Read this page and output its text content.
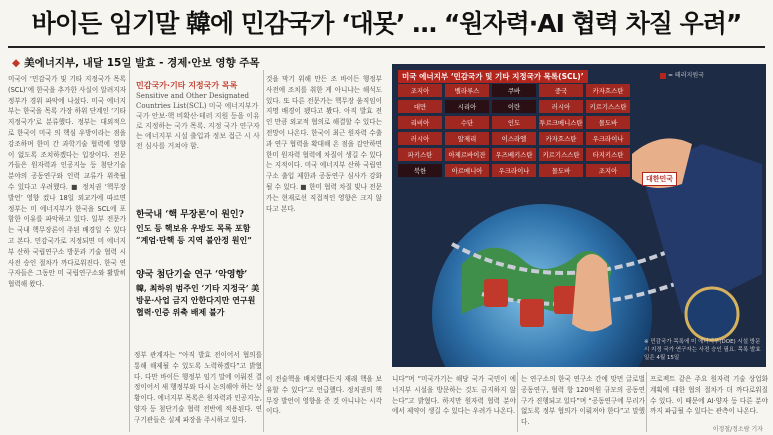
바이든 임기말 韓에 민감국가 ‘대못’ … “원자력·AI 협력 차질 우려”
◆ 美에너지부, 내달 15일 발효 - 경제·안보 영향 주목
미국이 ‘민감국가 및 기타 지정국가 목록(SCL)’에 한국을 추가한 사실이 알려지자 정부가 경위 파악에 나섰다. 미국 에너지부는 한국을 목록 가장 하위 단계인 ‘기타 지정국가’로 분류했다. 정부는 대외적으로 한국이 미국 의 핵심 우방이라는 점을 강조하며 한미 간 과학기술 협력에 영향이 없도록 조치하겠다는 입장이다. 전문가들은 원자력과 인공지능 등 첨단기술 분야의 공동연구와 인력 교류가 위축될 수 있다고 우려했다. ■ 정치권 ‘핵무장 발언’ 영향 컸나 18일 외교가에 따르면 정부는 미 에너지부가 한국을 SCL에 포함한 이유를 파악하고 있다. 일부 전문가는 국내 핵무장론이 주된 배경일 수 있다고 본다. 민감국가로 지정되면 미 에너지부 산하 국립연구소 방문과 기술 협력 시 사전 승인 절차가 까다로워진다. 한국 연구자들은 그동안 미 국립연구소와 활발히 협력해 왔다.
민감국가·기타 지정국가 목록
Sensitive and Other Designated Countries List(SCL) 미국 에너지부가 국가 안보·핵 비확산·테러 지원 등을 이유로 지정하는 국가 목록. 지정 국가 연구자는 에너지부 시설 출입과 정보 접근 시 사전 심사를 거쳐야 함.
한국내 ‘핵 무장론’이 원인?
인도 등 핵보유 우방도 목록 포함 “계엄·탄핵 등 지역 불안정 원인”
양국 첨단기술 연구 ‘악영향’
韓, 최하위 범주인 ‘기타 지정국’ 美 방문·사업 금지 안한다지만 연구원 협력·인증 위축 배제 불가
정부 관계자는 “아직 발효 전이어서 협의를 통해 해제될 수 있도록 노력하겠다”고 밝혔다. 다만 바이든 행정부 임기 말에 이뤄진 결정이어서 새 행정부와 다시 논의해야 하는 상황이다. 에너지부 목록은 원자력과 인공지능, 양자 등 첨단기술 협력 전반에 적용된다. 연구기관들은 실제 파장을 주시하고 있다.
것을 막기 위해 만든 조 바이든 행정부 사전에 조치를 취한 게 아니냐는 해석도 있다. 또 다른 전문가는 핵무장 움직임이 지명 배경이 됐다고 봤다. 아직 발효 전인 만큼 외교적 협의로 해결할 수 있다는 전망이 나온다. 한국이 최근 원자력 수출과 연구 협력을 확대해 온 점을 감안하면 한미 원자력 협력에 차질이 생길 수 있다는 지적이다. 미국 에너지부 산하 국립연구소 출입 제한과 공동연구 심사가 강화될 수 있다. ■ 한미 협력 차질 빚나 전문가는 현재로선 직접적인 영향은 크지 않다고 본다.
이 전술핵을 배치했다든지 재래 핵을 보유할 수 있다”고 언급했다. 정치권의 핵무장 발언이 영향을 준 것 아니냐는 시각이다.
미국 에너지부 ‘민감국가 및 기타 지정국가 목록(SCL)’	= 테러지원국
조지아	벨라루스	쿠바	중국	카자흐스탄
대만	시리아	이란	러시아	키르기스스탄
리비아	수단	인도	투르크메니스탄	몰도바
러시아	알제리	이스라엘	카자흐스탄	우크라이나
파키스탄	아제르바이잔	우즈베키스탄	키르기스스탄	타지키스탄
북한	아르메니아	우크라이나	몰도바	조지아
대한민국
※ 민감국가 목록에 미 에너지부(DOE) 시설 방문 시 지정 국가 연구자는 사전 승인 필요. 목록 발효일은 4월 15일
니다”며 “미국가기는 해당 국가 국민이 에너지부 시설을 방문하는 것도 금지하지 않는다”고 밝혔다. 하지만 원자력 협력 분야에서 제약이 생길 수 있다는 우려가 나온다.
는 연구소의 한국 연구소 간에 맞먼 글로벌 공동연구, 협력 항 120억원 규모의 공동연구가 진행되고 있다”며 “공동연구에 무리가 없도록 정부 협의가 이뤄져야 한다”고 말했다.
프로젝트 같은 주요 원자력 기술 상업화 계획에 대한 협의 절차가 더 까다로워질 수 있다. 이 때문에 AI·양자 등 다른 분야까지 파급될 수 있다는 관측이 나온다.
이정철/정소람 기자
